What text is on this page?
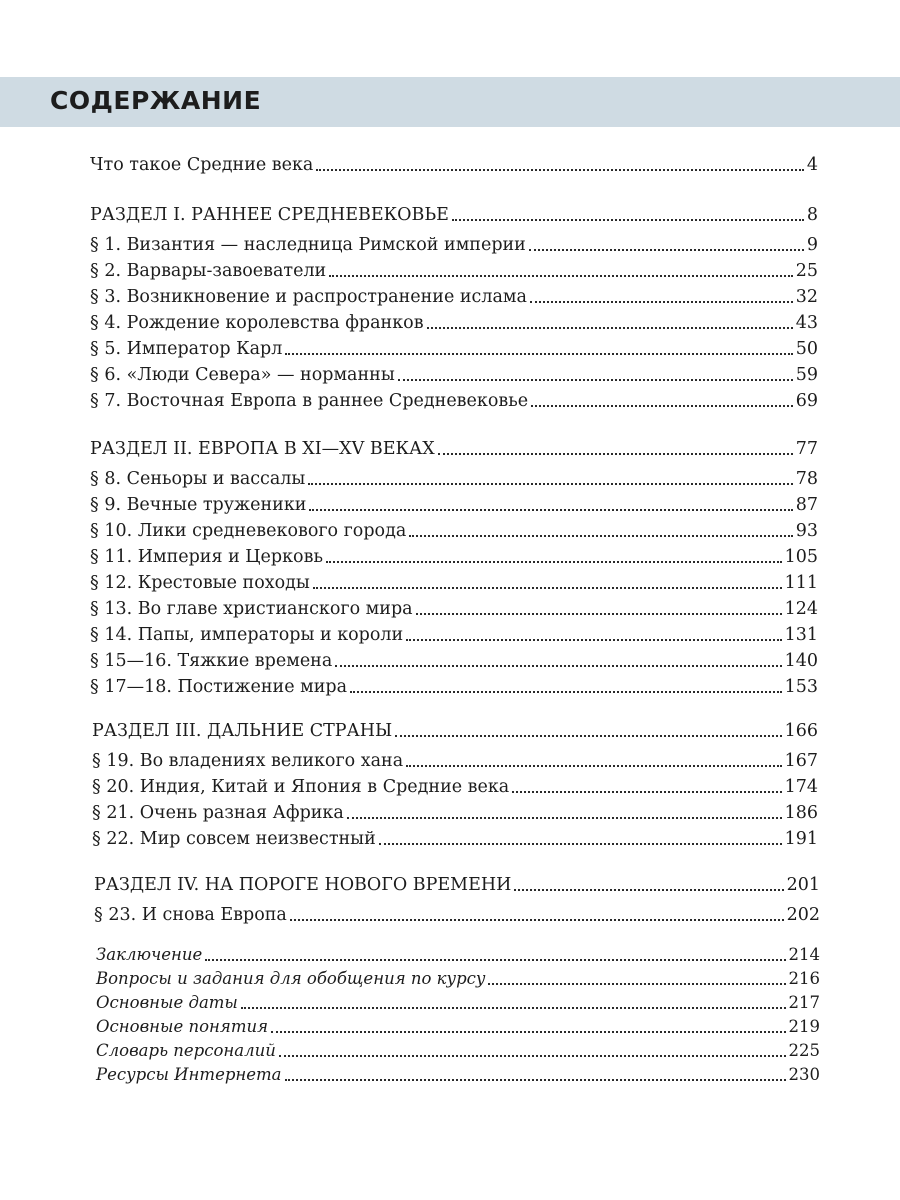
СОДЕРЖАНИЕ
Что такое Средние века	4
РАЗДЕЛ I. РАННЕЕ СРЕДНЕВЕКОВЬЕ	8
§ 1. Византия — наследница Римской империи	9
§ 2. Варвары-завоеватели	25
§ 3. Возникновение и распространение ислама	32
§ 4. Рождение королевства франков	43
§ 5. Император Карл	50
§ 6. «Люди Севера» — норманны	59
§ 7. Восточная Европа в раннее Средневековье	69
РАЗДЕЛ II. ЕВРОПА В XI—XV ВЕКАХ	77
§ 8. Сеньоры и вассалы	78
§ 9. Вечные труженики	87
§ 10. Лики средневекового города	93
§ 11. Империя и Церковь	105
§ 12. Крестовые походы	111
§ 13. Во главе христианского мира	124
§ 14. Папы, императоры и короли	131
§ 15—16. Тяжкие времена	140
§ 17—18. Постижение мира	153
РАЗДЕЛ III. ДАЛЬНИЕ СТРАНЫ	166
§ 19. Во владениях великого хана	167
§ 20. Индия, Китай и Япония в Средние века	174
§ 21. Очень разная Африка	186
§ 22. Мир совсем неизвестный	191
РАЗДЕЛ IV. НА ПОРОГЕ НОВОГО ВРЕМЕНИ	201
§ 23. И снова Европа	202
Заключение	214
Вопросы и задания для обобщения по курсу	216
Основные даты	217
Основные понятия	219
Словарь персоналий	225
Ресурсы Интернета	230
